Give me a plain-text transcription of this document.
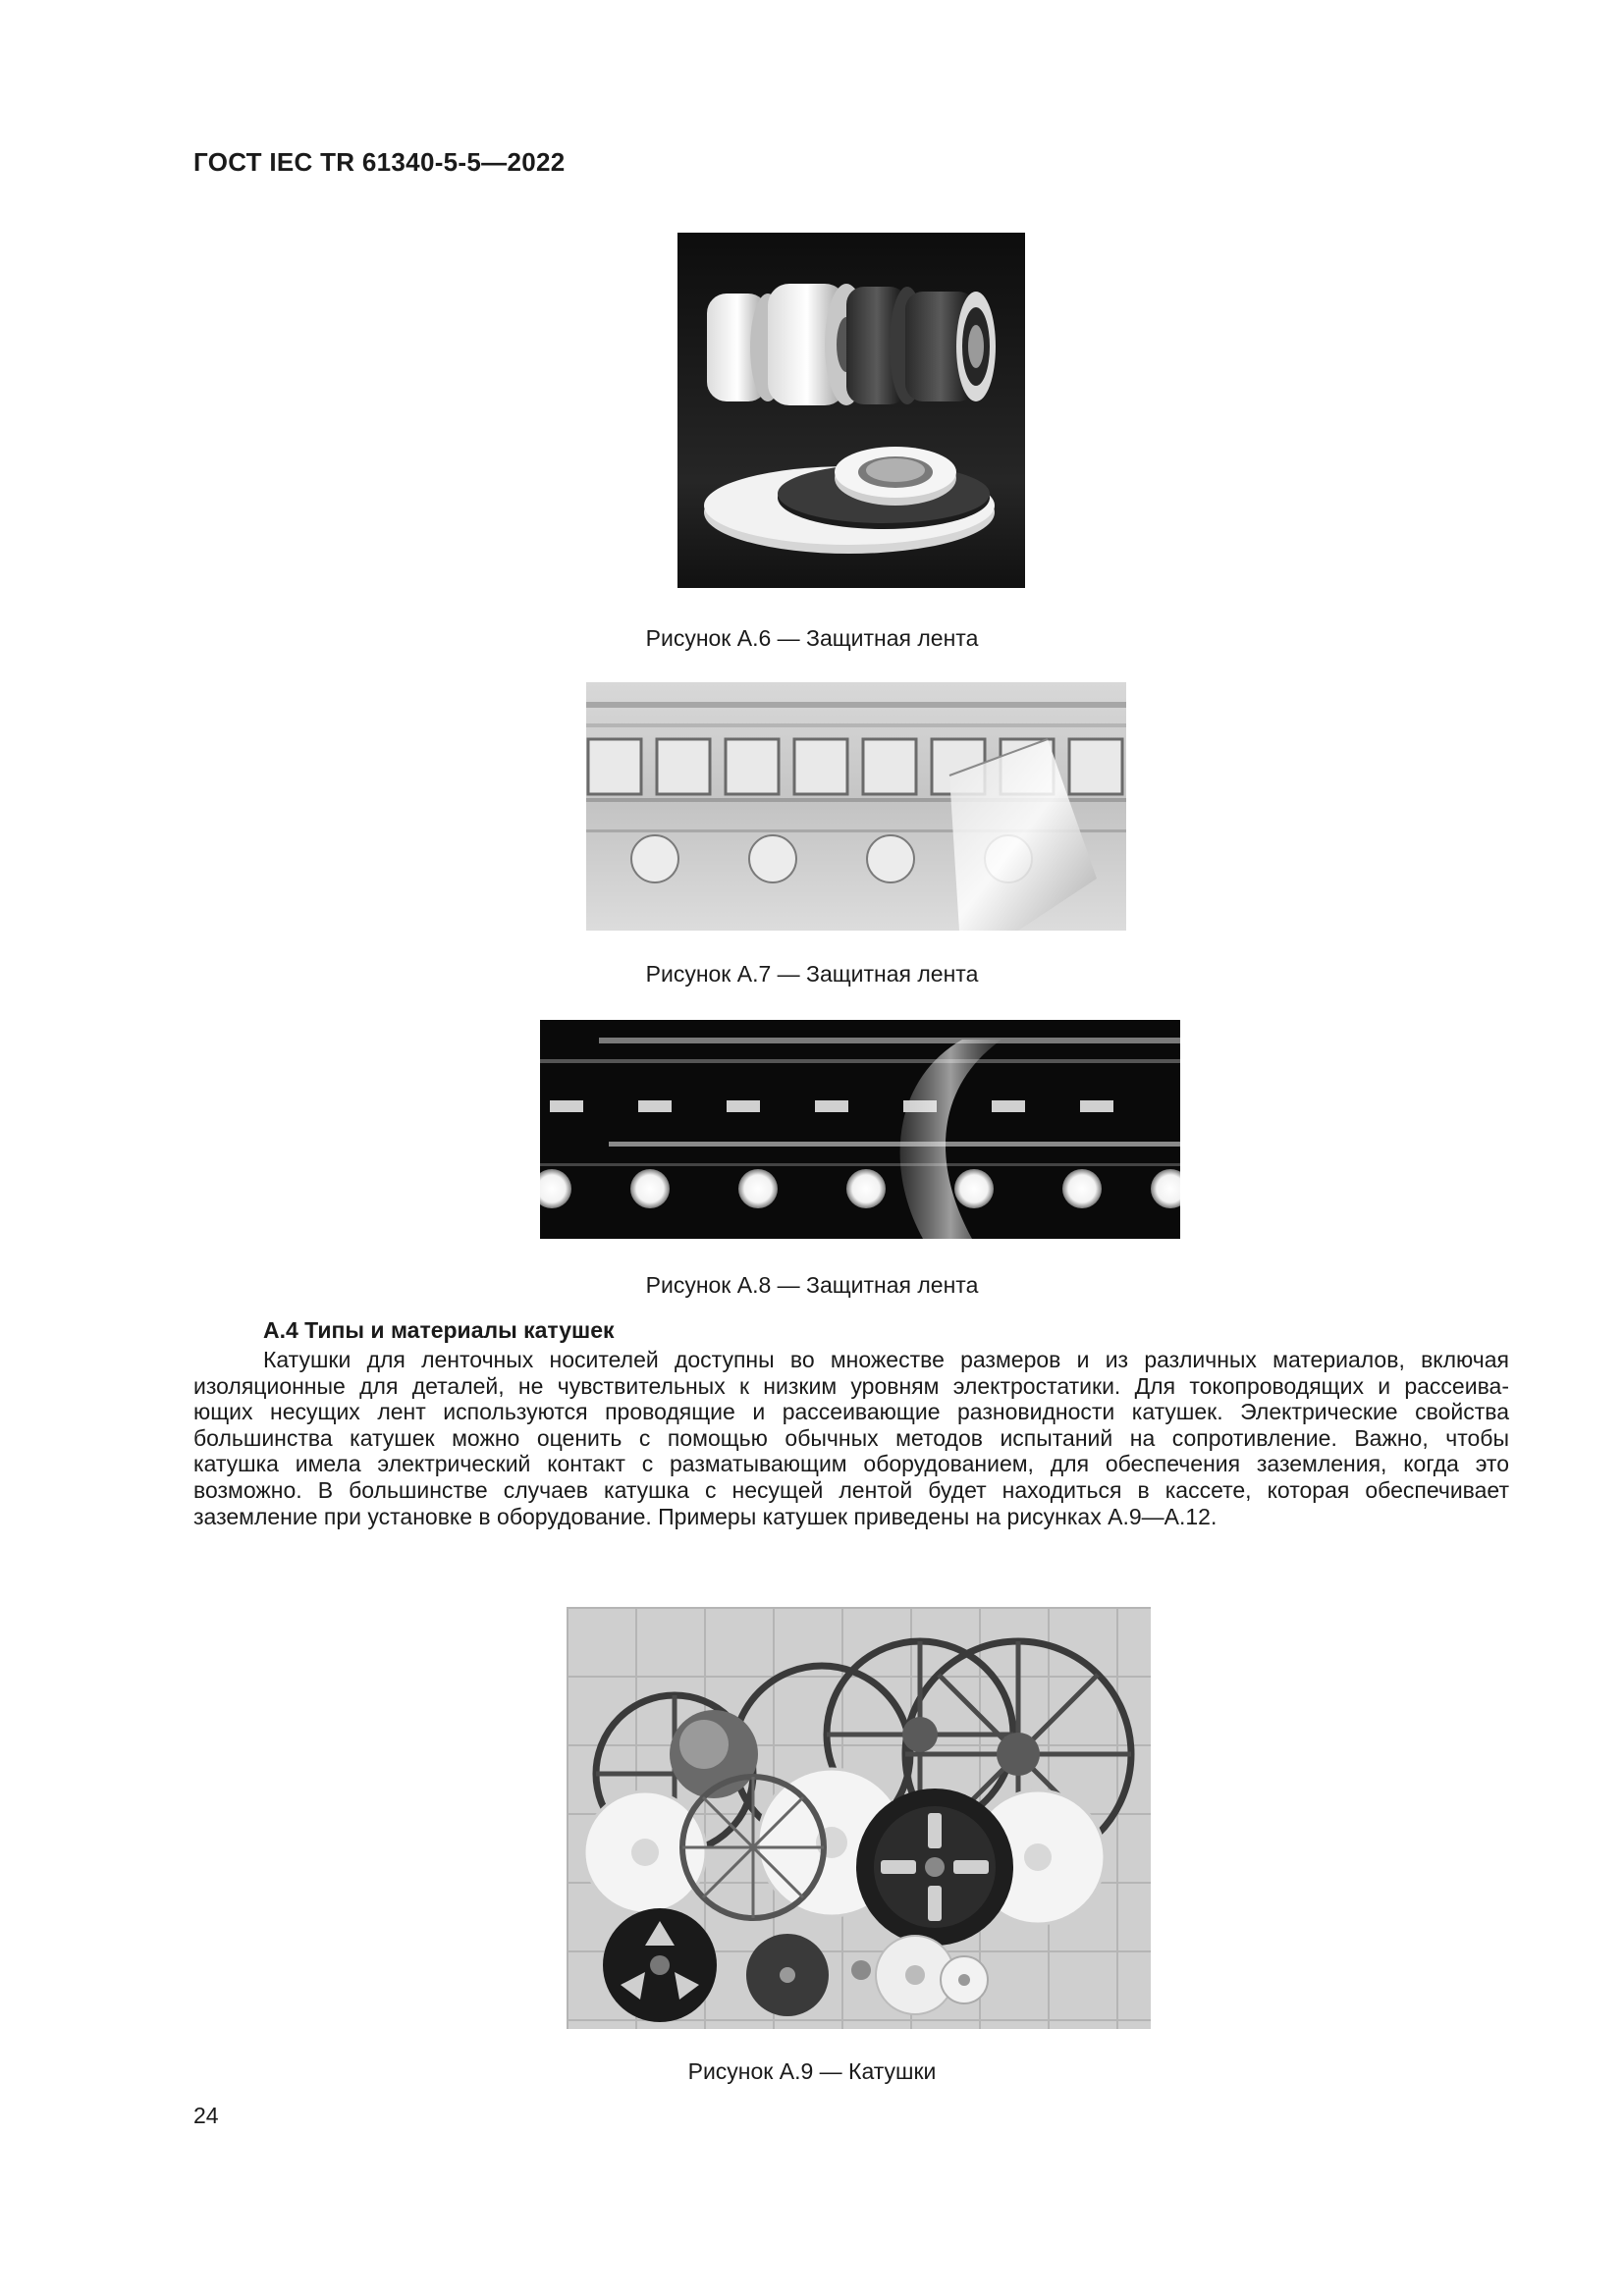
ГОСТ IEC TR 61340-5-5—2022
Рисунок А.6 — Защитная лента
Рисунок А.7 — Защитная лента
Рисунок А.8 — Защитная лента
А.4 Типы и материалы катушек
Катушки для ленточных носителей доступны во множестве размеров и из различных материалов, включая
изоляционные для деталей, не чувствительных к низким уровням электростатики. Для токопроводящих и рассеива-
ющих несущих лент используются проводящие и рассеивающие разновидности катушек. Электрические свойства
большинства катушек можно оценить с помощью обычных методов испытаний на сопротивление. Важно, чтобы
катушка имела электрический контакт с разматывающим оборудованием, для обеспечения заземления, когда это
возможно. В большинстве случаев катушка с несущей лентой будет находиться в кассете, которая обеспечивает
заземление при установке в оборудование. Примеры катушек приведены на рисунках А.9—А.12.
Рисунок А.9 — Катушки
24
